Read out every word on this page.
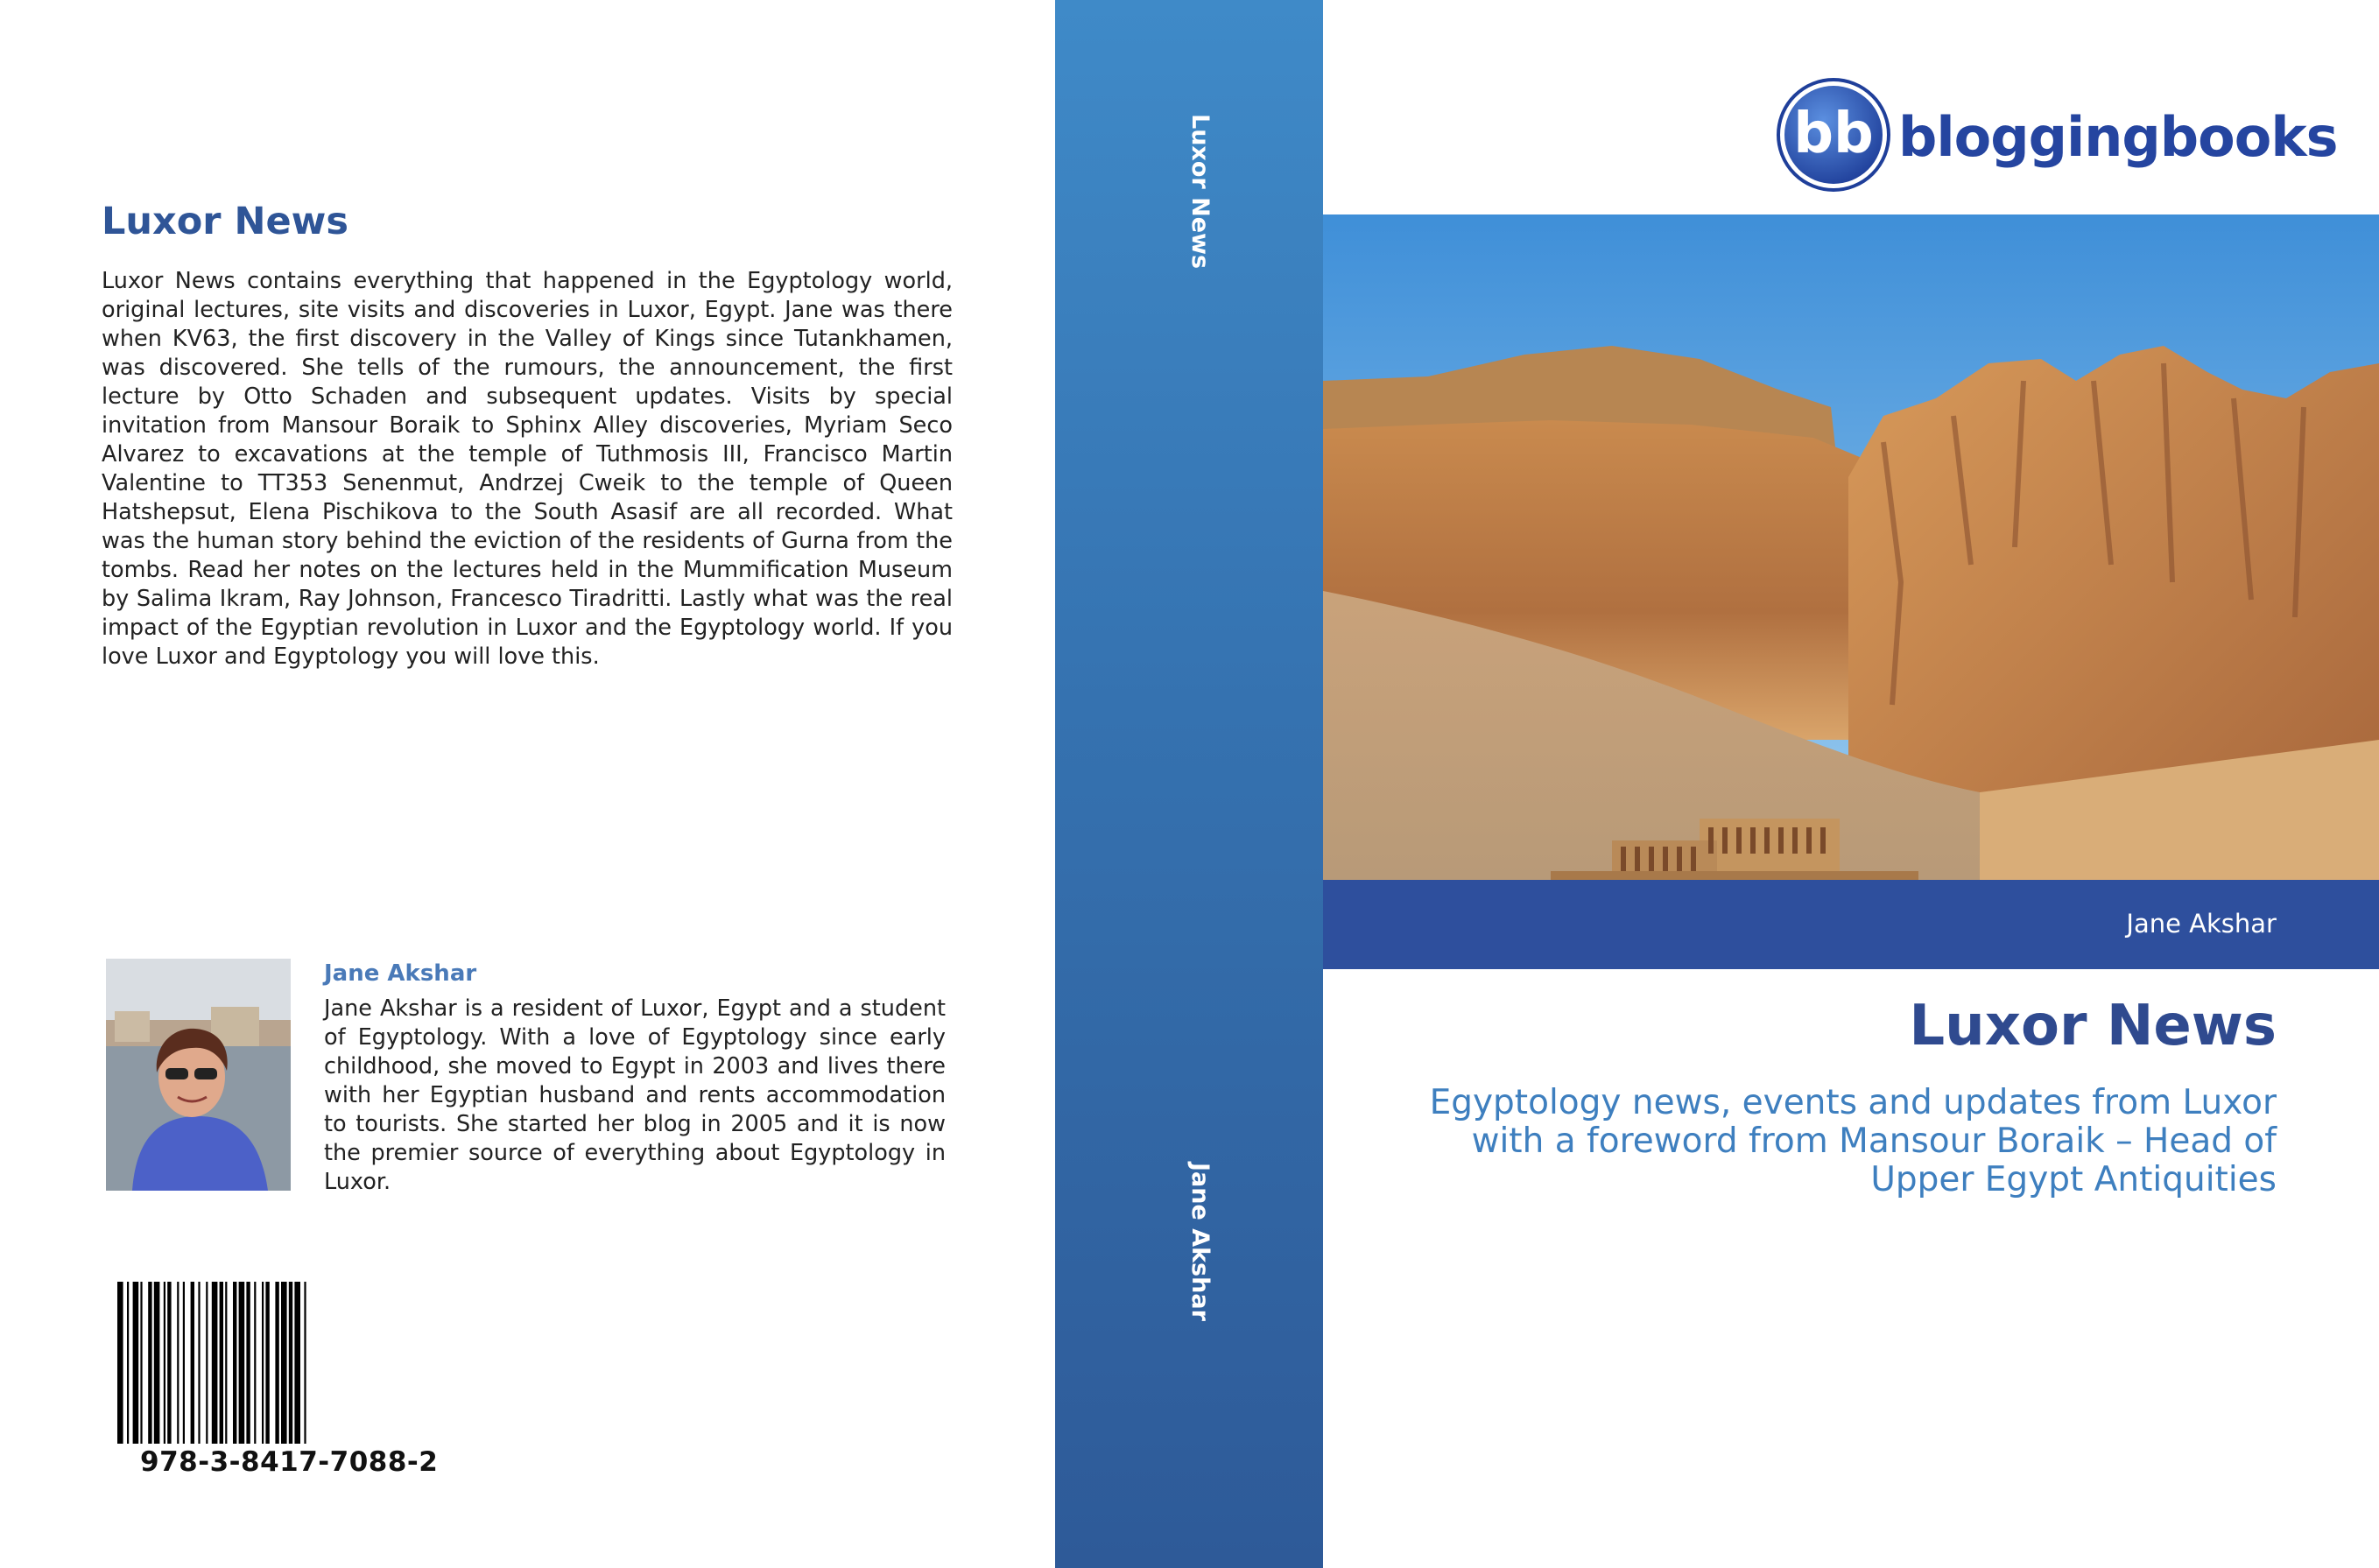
Luxor News
Luxor News contains everything that happened in the Egyptology world, original lectures, site visits and discoveries in Luxor, Egypt. Jane was there when KV63, the first discovery in the Valley of Kings since Tutankhamen, was discovered. She tells of the rumours, the announcement, the first lecture by Otto Schaden and subsequent updates. Visits by special invitation from Mansour Boraik to Sphinx Alley discoveries, Myriam Seco Alvarez to excavations at the temple of Tuthmosis III, Francisco Martin Valentine to TT353 Senenmut, Andrzej Cweik to the temple of Queen Hatshepsut, Elena Pischikova to the South Asasif are all recorded. What was the human story behind the eviction of the residents of Gurna from the tombs. Read her notes on the lectures held in the Mummification Museum by Salima Ikram, Ray Johnson, Francesco Tiradritti. Lastly what was the real impact of the Egyptian revolution in Luxor and the Egyptology world. If you love Luxor and Egyptology you will love this.
Jane Akshar
Jane Akshar is a resident of Luxor, Egypt and a student of Egyptology. With a love of Egyptology since early childhood, she moved to Egypt in 2003 and lives there with her Egyptian husband and rents accommodation to tourists. She started her blog in 2005 and it is now the premier source of everything about Egyptology in Luxor.
978-3-8417-7088-2
Luxor News
Jane Akshar
bb bloggingbooks
Jane Akshar
Luxor News
Egyptology news, events and updates from Luxor with a foreword from Mansour Boraik – Head of Upper Egypt Antiquities
